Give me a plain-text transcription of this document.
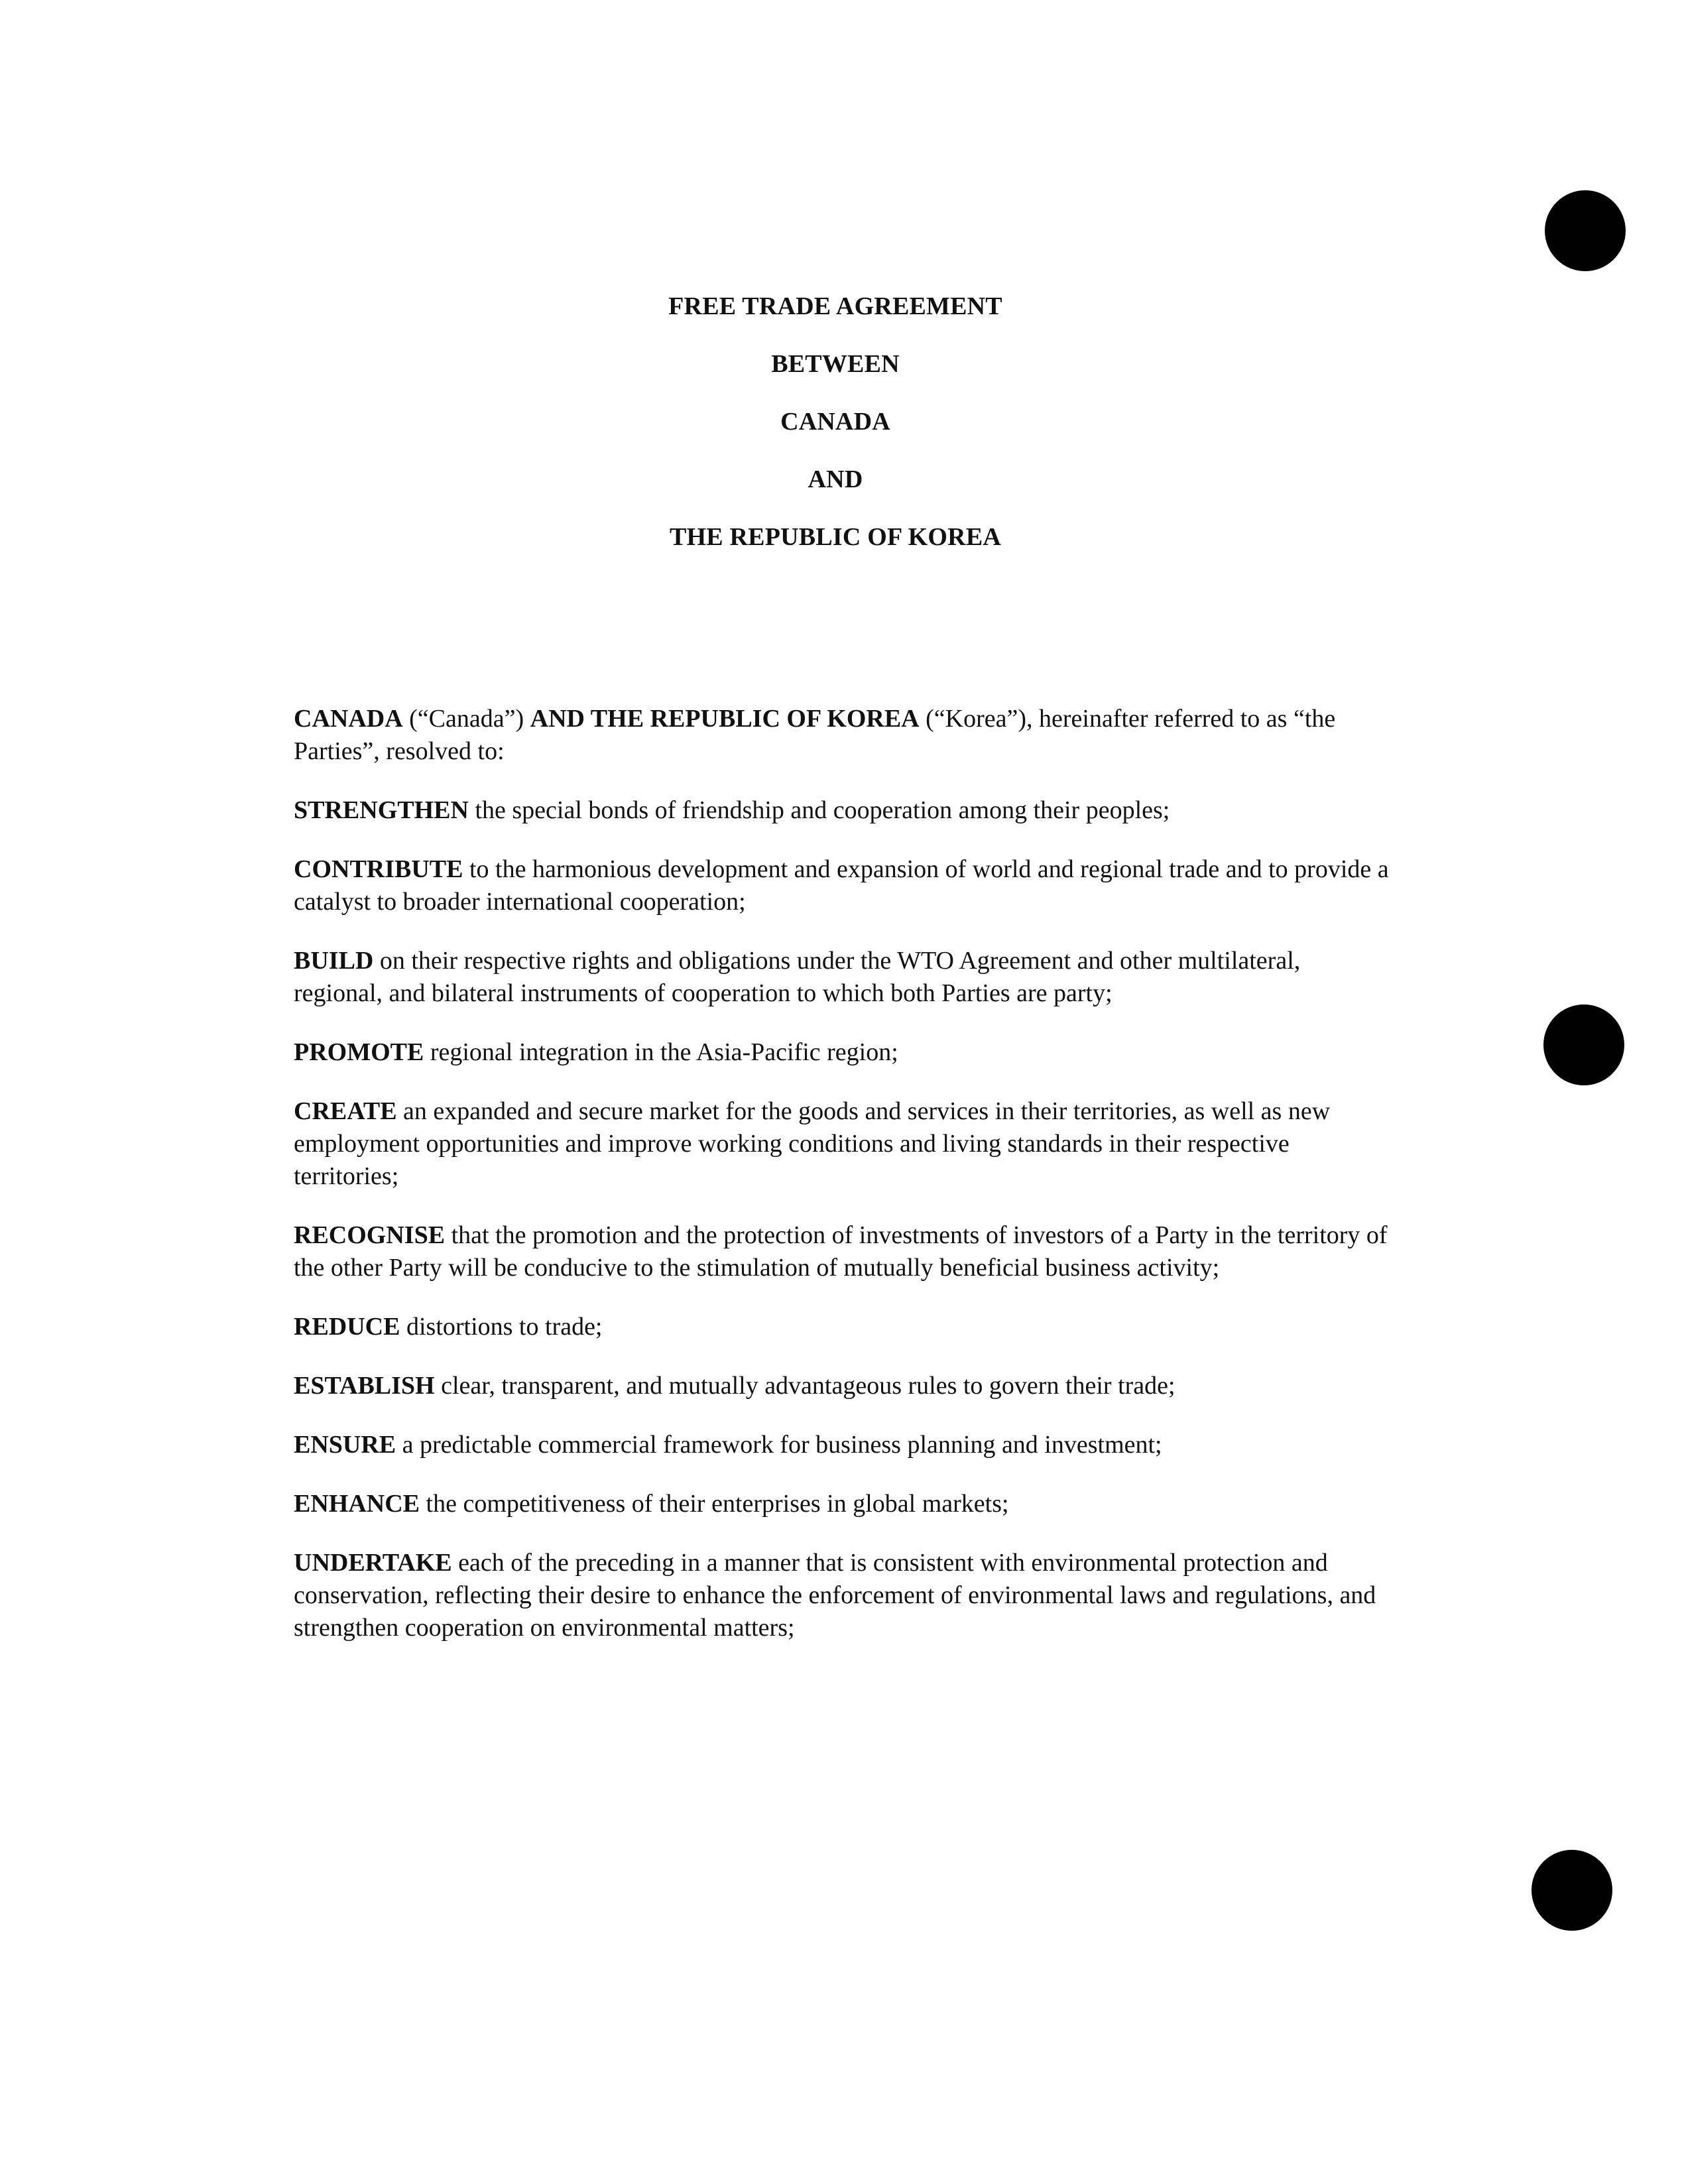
FREE TRADE AGREEMENT
BETWEEN
CANADA
AND
THE REPUBLIC OF KOREA

CANADA (“Canada”) AND THE REPUBLIC OF KOREA (“Korea”), hereinafter referred to as “the Parties”, resolved to:

STRENGTHEN the special bonds of friendship and cooperation among their peoples;

CONTRIBUTE to the harmonious development and expansion of world and regional trade and to provide a catalyst to broader international cooperation;

BUILD on their respective rights and obligations under the WTO Agreement and other multilateral, regional, and bilateral instruments of cooperation to which both Parties are party;

PROMOTE regional integration in the Asia-Pacific region;

CREATE an expanded and secure market for the goods and services in their territories, as well as new employment opportunities and improve working conditions and living standards in their respective territories;

RECOGNISE that the promotion and the protection of investments of investors of a Party in the territory of the other Party will be conducive to the stimulation of mutually beneficial business activity;

REDUCE distortions to trade;

ESTABLISH clear, transparent, and mutually advantageous rules to govern their trade;

ENSURE a predictable commercial framework for business planning and investment;

ENHANCE the competitiveness of their enterprises in global markets;

UNDERTAKE each of the preceding in a manner that is consistent with environmental protection and conservation, reflecting their desire to enhance the enforcement of environmental laws and regulations, and strengthen cooperation on environmental matters;
